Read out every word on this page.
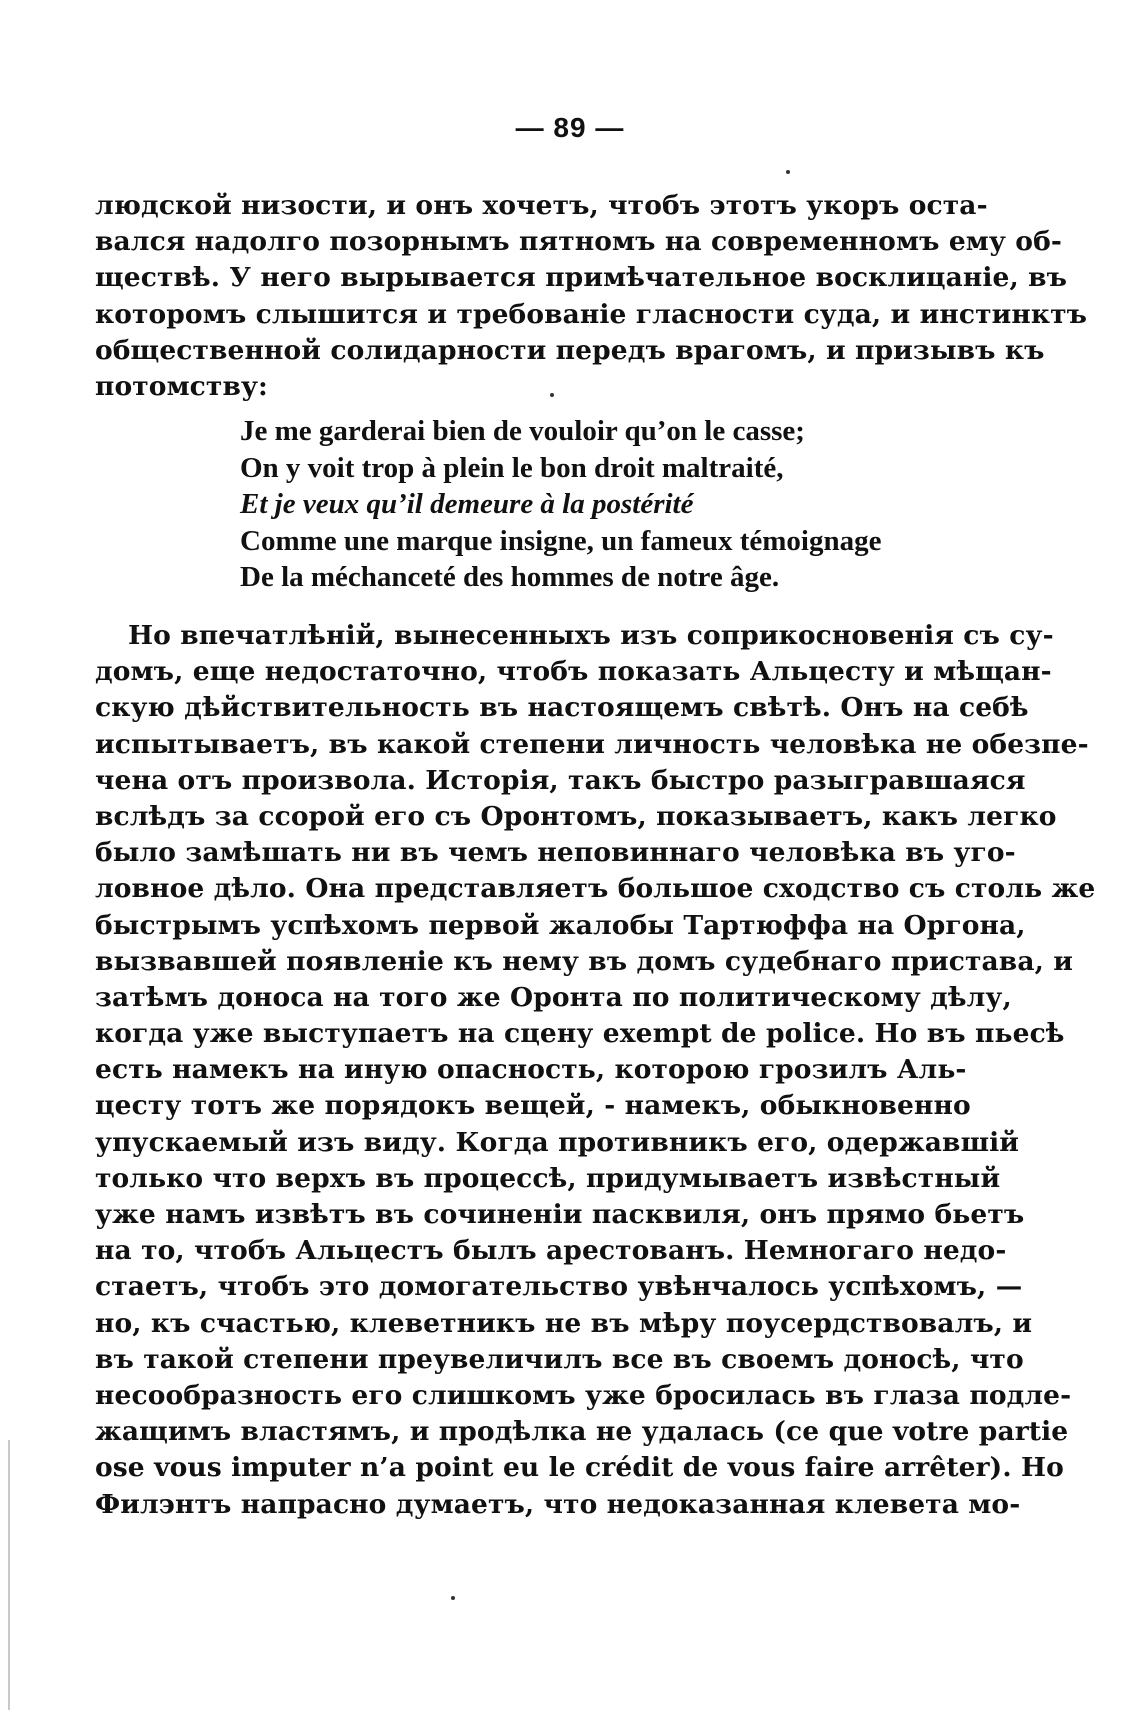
— 89 —
людской низости, и онъ хочетъ, чтобъ этотъ укоръ оста-
вался надолго позорнымъ пятномъ на современномъ ему об-
ществѣ. У него вырывается примѣчательное восклицаніе, въ
которомъ слышится и требованіе гласности суда, и инстинктъ
общественной солидарности передъ врагомъ, и призывъ къ
потомству:
Je me garderai bien de vouloir qu’on le casse;
On y voit trop à plein le bon droit maltraité,
Et je veux qu’il demeure à la postérité
Comme une marque insigne, un fameux témoignage
De la méchanceté des hommes de notre âge.
Но впечатлѣній, вынесенныхъ изъ соприкосновенія съ су-
домъ, еще недостаточно, чтобъ показать Альцесту и мѣщан-
скую дѣйствительность въ настоящемъ свѣтѣ. Онъ на себѣ
испытываетъ, въ какой степени личность человѣка не обезпе-
чена отъ произвола. Исторія, такъ быстро разыгравшаяся
вслѣдъ за ссорой его съ Оронтомъ, показываетъ, какъ легко
было замѣшать ни въ чемъ неповиннаго человѣка въ уго-
ловное дѣло. Она представляетъ большое сходство съ столь же
быстрымъ успѣхомъ первой жалобы Тартюффа на Оргона,
вызвавшей появленіе къ нему въ домъ судебнаго пристава, и
затѣмъ доноса на того же Оронта по политическому дѣлу,
когда уже выступаетъ на сцену exempt de police. Но въ пьесѣ
есть намекъ на иную опасность, которою грозилъ Аль-
цесту тотъ же порядокъ вещей, - намекъ, обыкновенно
упускаемый изъ виду. Когда противникъ его, одержавшій
только что верхъ въ процессѣ, придумываетъ извѣстный
уже намъ извѣтъ въ сочиненіи пасквиля, онъ прямо бьетъ
на то, чтобъ Альцестъ былъ арестованъ. Немногаго недо-
стаетъ, чтобъ это домогательство увѣнчалось успѣхомъ, —
но, къ счастью, клеветникъ не въ мѣру поусердствовалъ, и
въ такой степени преувеличилъ все въ своемъ доносѣ, что
несообразность его слишкомъ уже бросилась въ глаза подле-
жащимъ властямъ, и продѣлка не удалась (ce que votre partie
ose vous imputer n’a point eu le crédit de vous faire arrêter). Но
Филэнтъ напрасно думаетъ, что недоказанная клевета мо-
